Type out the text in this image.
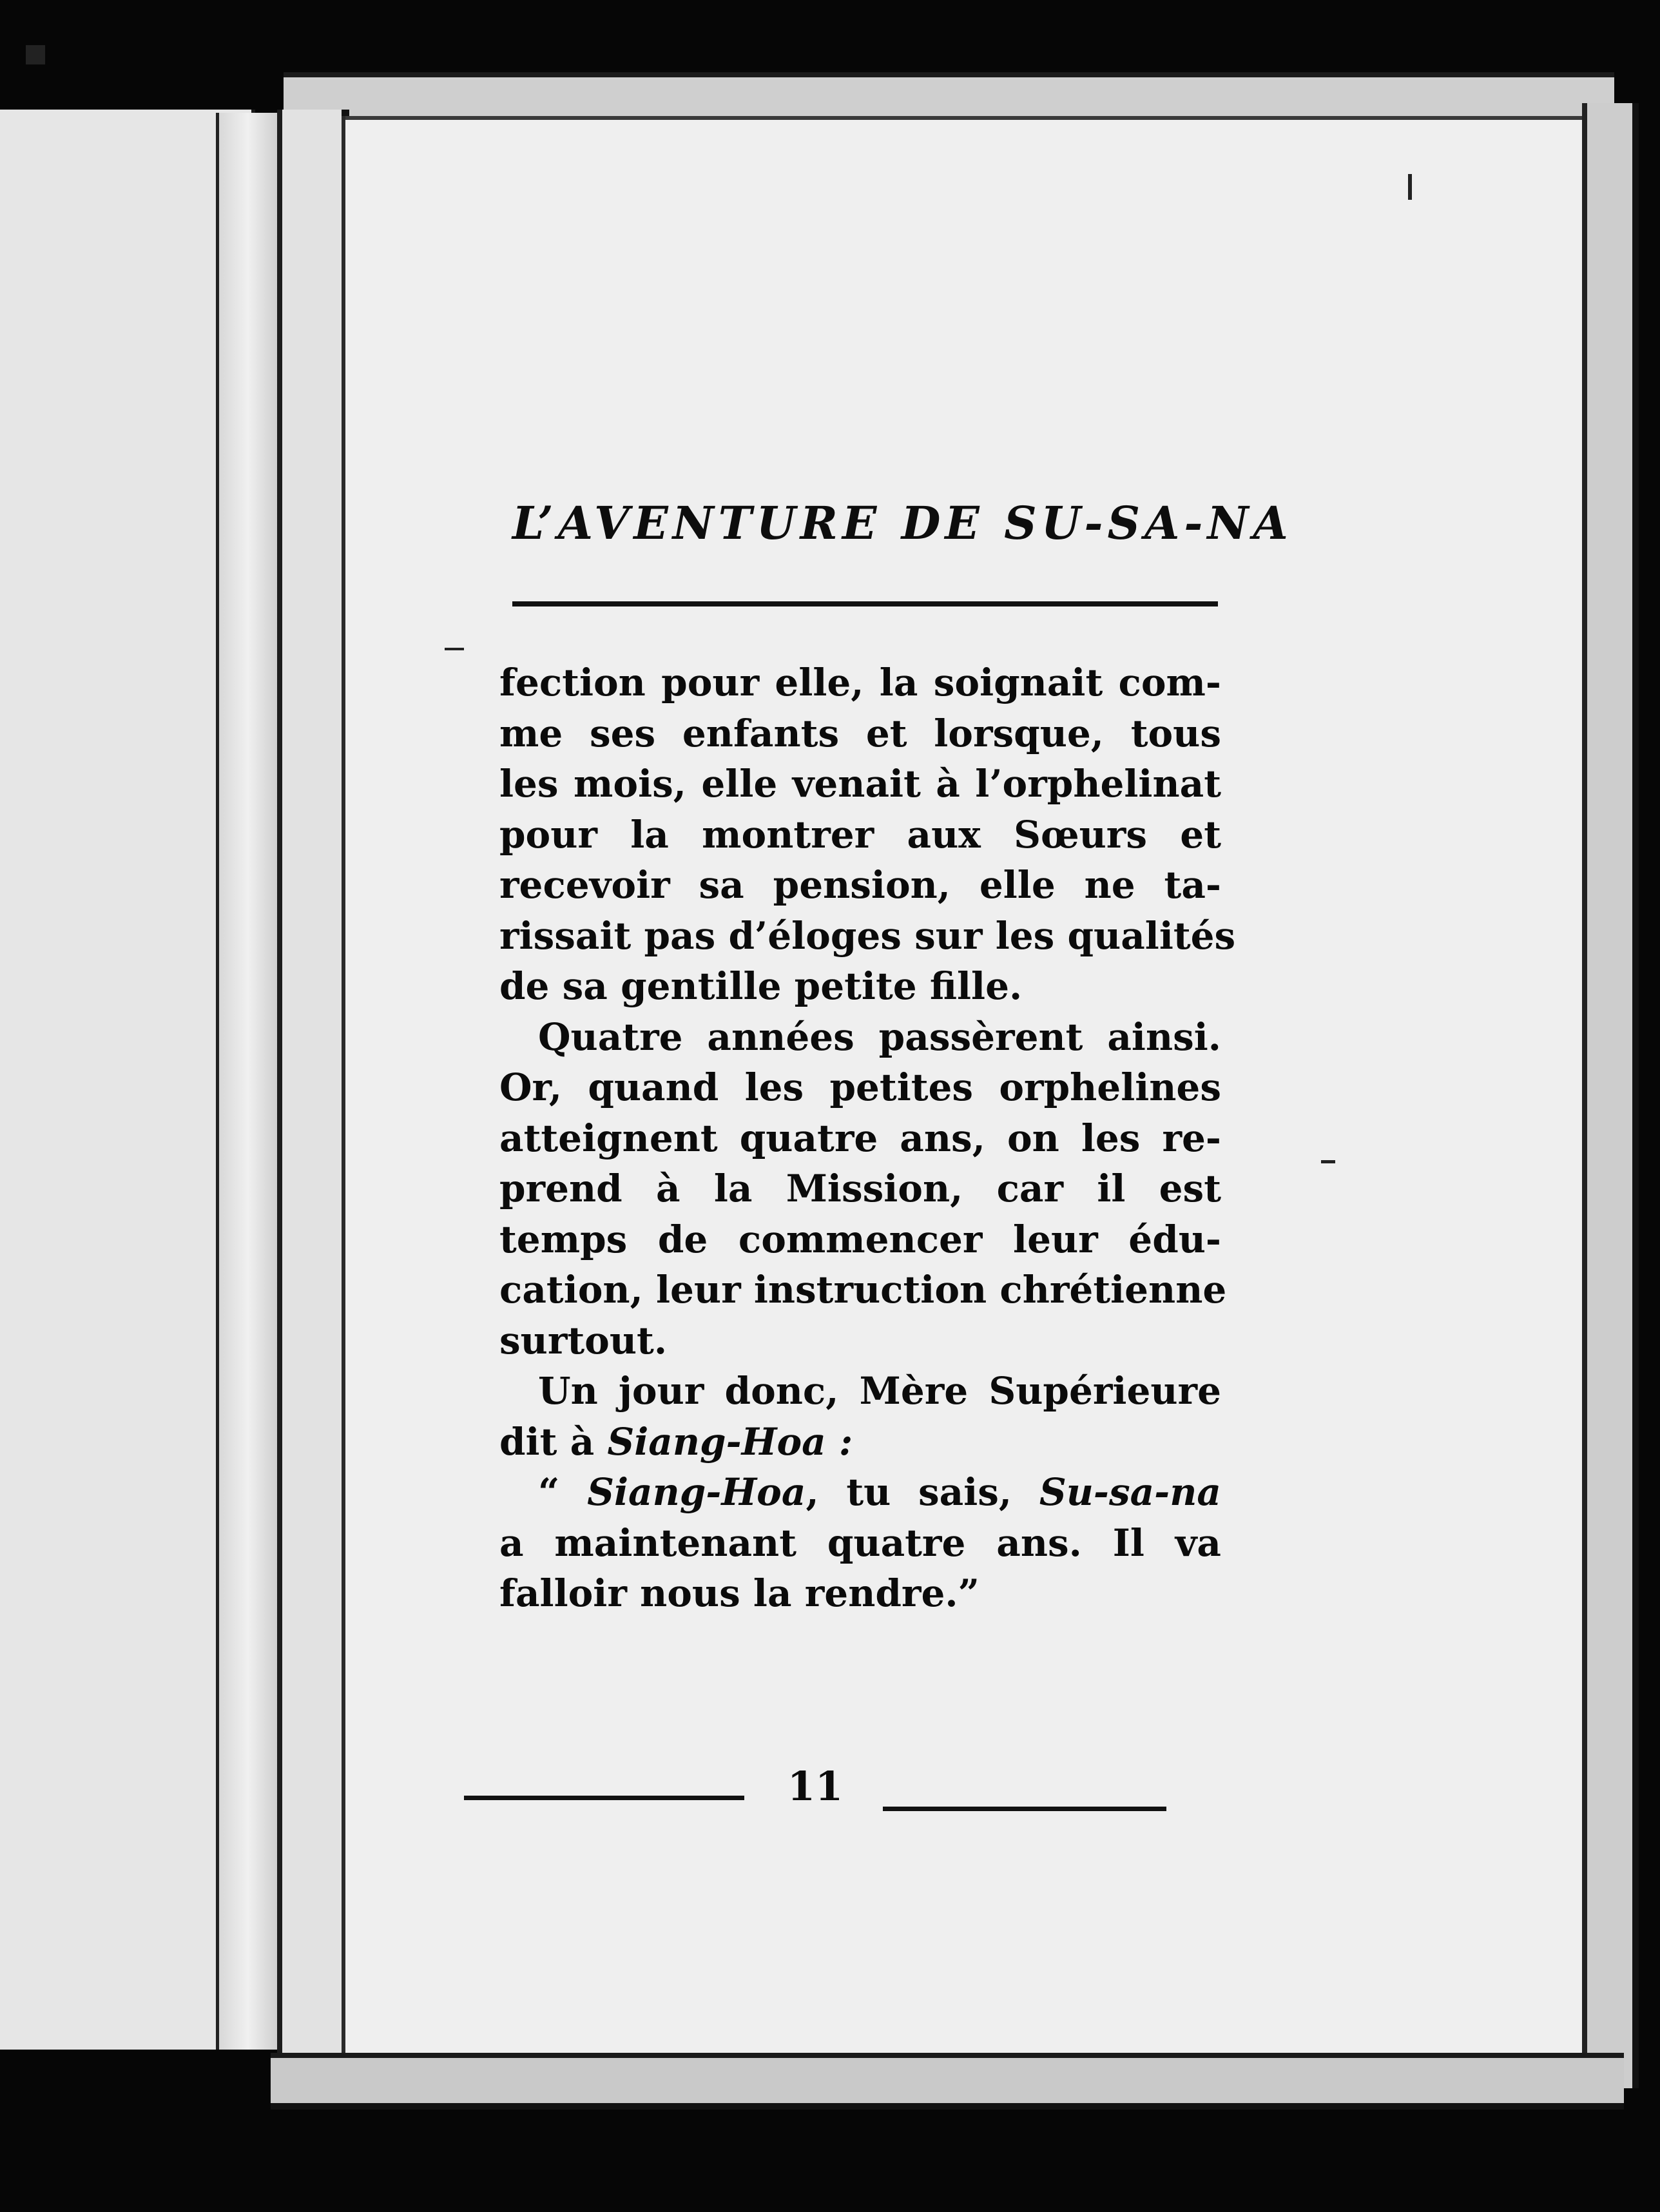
L’AVENTURE DE SU-SA-NA
fection pour elle, la soignait com-
me ses enfants et lorsque, tous
les mois, elle venait à l’orphelinat
pour la montrer aux Sœurs et
recevoir sa pension, elle ne ta-
rissait pas d’éloges sur les qualités
de sa gentille petite fille.
Quatre années passèrent ainsi.
Or, quand les petites orphelines
atteignent quatre ans, on les re-
prend à la Mission, car il est
temps de commencer leur édu-
cation, leur instruction chrétienne
surtout.
Un jour donc, Mère Supérieure
dit à Siang-Hoa :
“ Siang-Hoa, tu sais, Su-sa-na
a maintenant quatre ans. Il va
falloir nous la rendre.”
11
